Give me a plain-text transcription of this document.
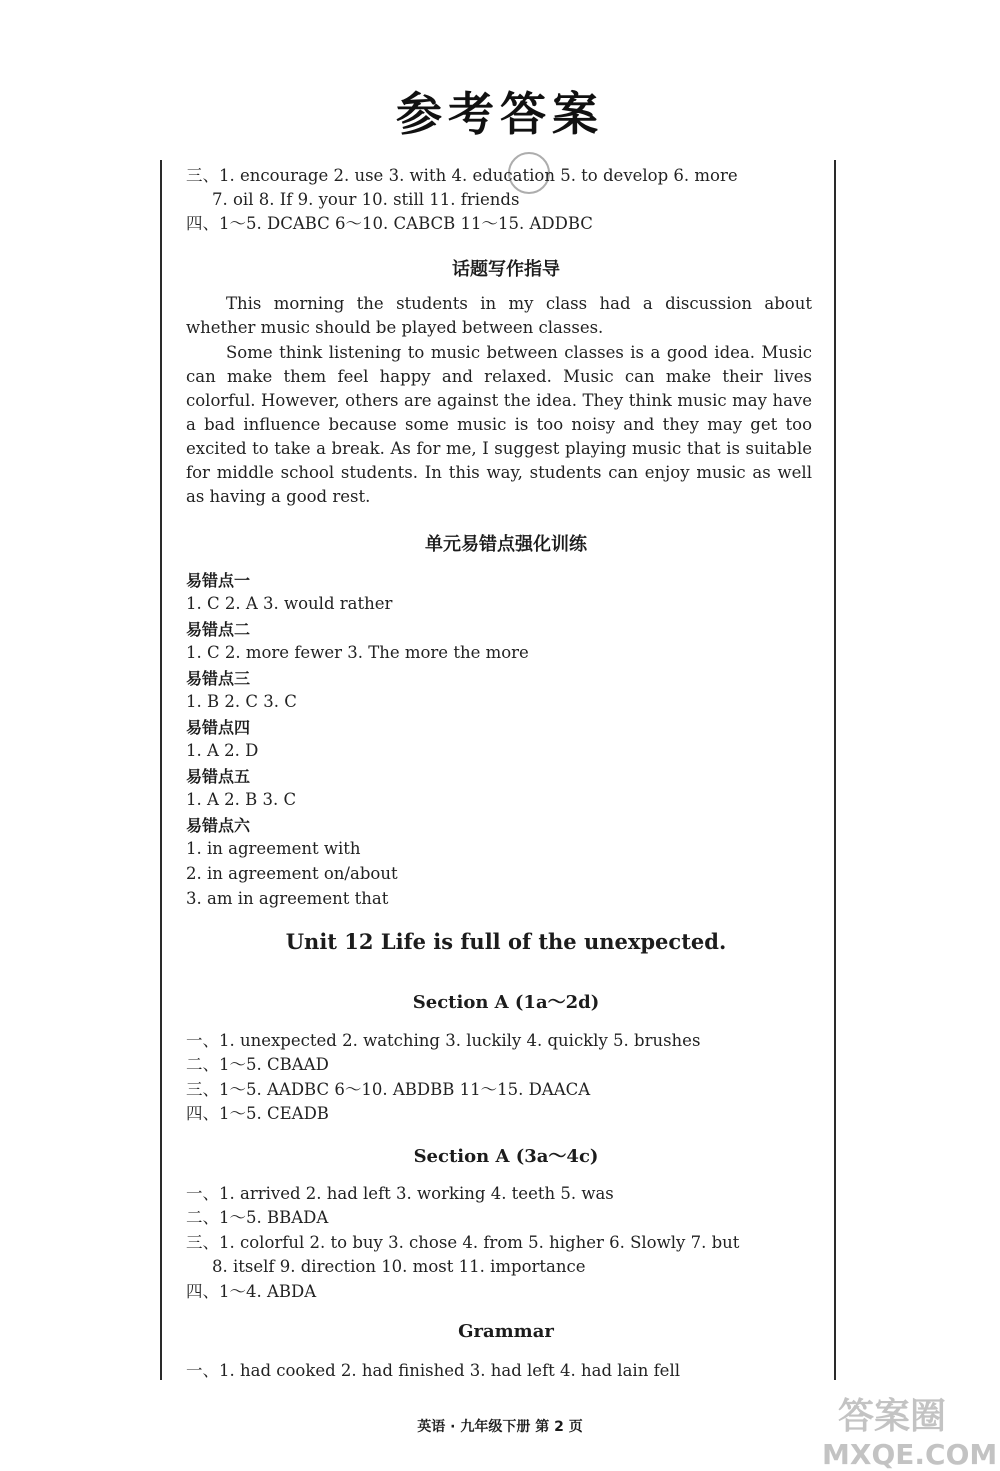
参考答案
三、1. encourage 2. use 3. with 4. education 5. to develop 6. more
7. oil 8. If 9. your 10. still 11. friends
四、1～5. DCABC 6～10. CABCB 11～15. ADDBC
话题写作指导
This morning the students in my class had a discussion about whether music should be played between classes.
Some think listening to music between classes is a good idea. Music can make them feel happy and relaxed. Music can make their lives colorful. However, others are against the idea. They think music may have a bad influence because some music is too noisy and they may get too excited to take a break. As for me, I suggest playing music that is suitable for middle school students. In this way, students can enjoy music as well as having a good rest.
单元易错点强化训练
易错点一
1. C 2. A 3. would rather
易错点二
1. C 2. more fewer 3. The more the more
易错点三
1. B 2. C 3. C
易错点四
1. A 2. D
易错点五
1. A 2. B 3. C
易错点六
1. in agreement with
2. in agreement on/about
3. am in agreement that
Unit 12 Life is full of the unexpected.
Section A (1a～2d)
一、1. unexpected 2. watching 3. luckily 4. quickly 5. brushes
二、1～5. CBAAD
三、1～5. AADBC 6～10. ABDBB 11～15. DAACA
四、1～5. CEADB
Section A (3a～4c)
一、1. arrived 2. had left 3. working 4. teeth 5. was
二、1～5. BBADA
三、1. colorful 2. to buy 3. chose 4. from 5. higher 6. Slowly 7. but
8. itself 9. direction 10. most 11. importance
四、1～4. ABDA
Grammar
一、1. had cooked 2. had finished 3. had left 4. had lain fell
英语 · 九年级下册 第 2 页	答案圈
MXQE.COM
